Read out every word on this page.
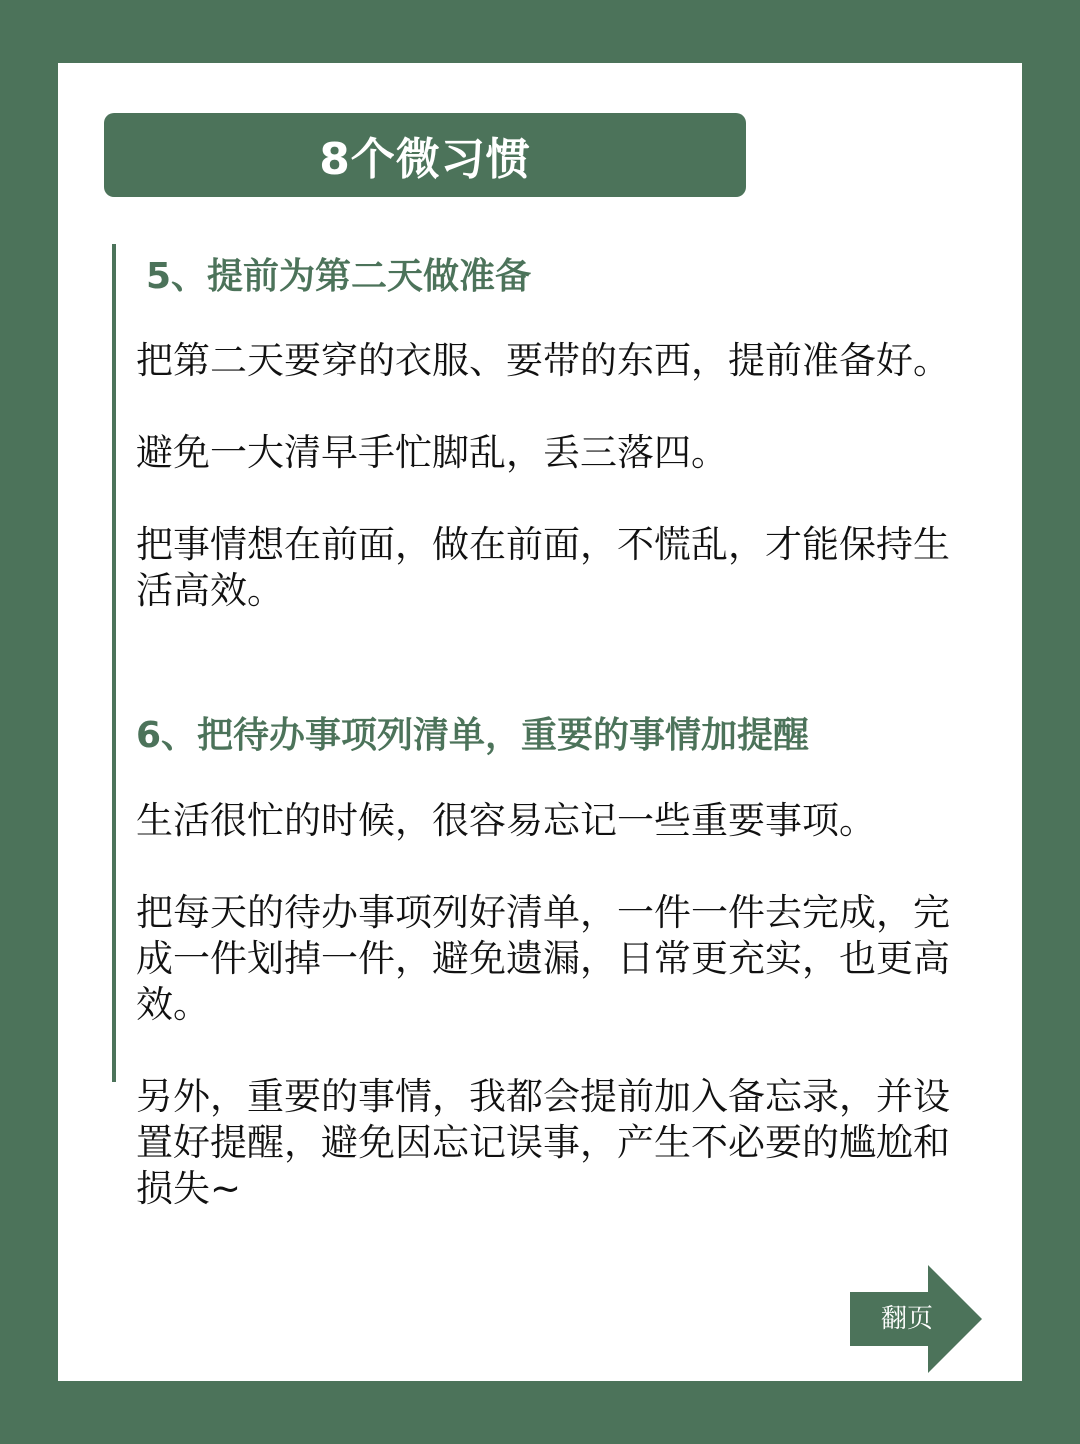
8个微习惯
5、提前为第二天做准备
把第二天要穿的衣服、要带的东西，提前准备好。
避免一大清早手忙脚乱，丢三落四。
把事情想在前面，做在前面，不慌乱，才能保持生活高效。
6、把待办事项列清单，重要的事情加提醒
生活很忙的时候，很容易忘记一些重要事项。
把每天的待办事项列好清单，一件一件去完成，完成一件划掉一件，避免遗漏，日常更充实，也更高效。
另外，重要的事情，我都会提前加入备忘录，并设置好提醒，避免因忘记误事，产生不必要的尴尬和损失~
翻页
